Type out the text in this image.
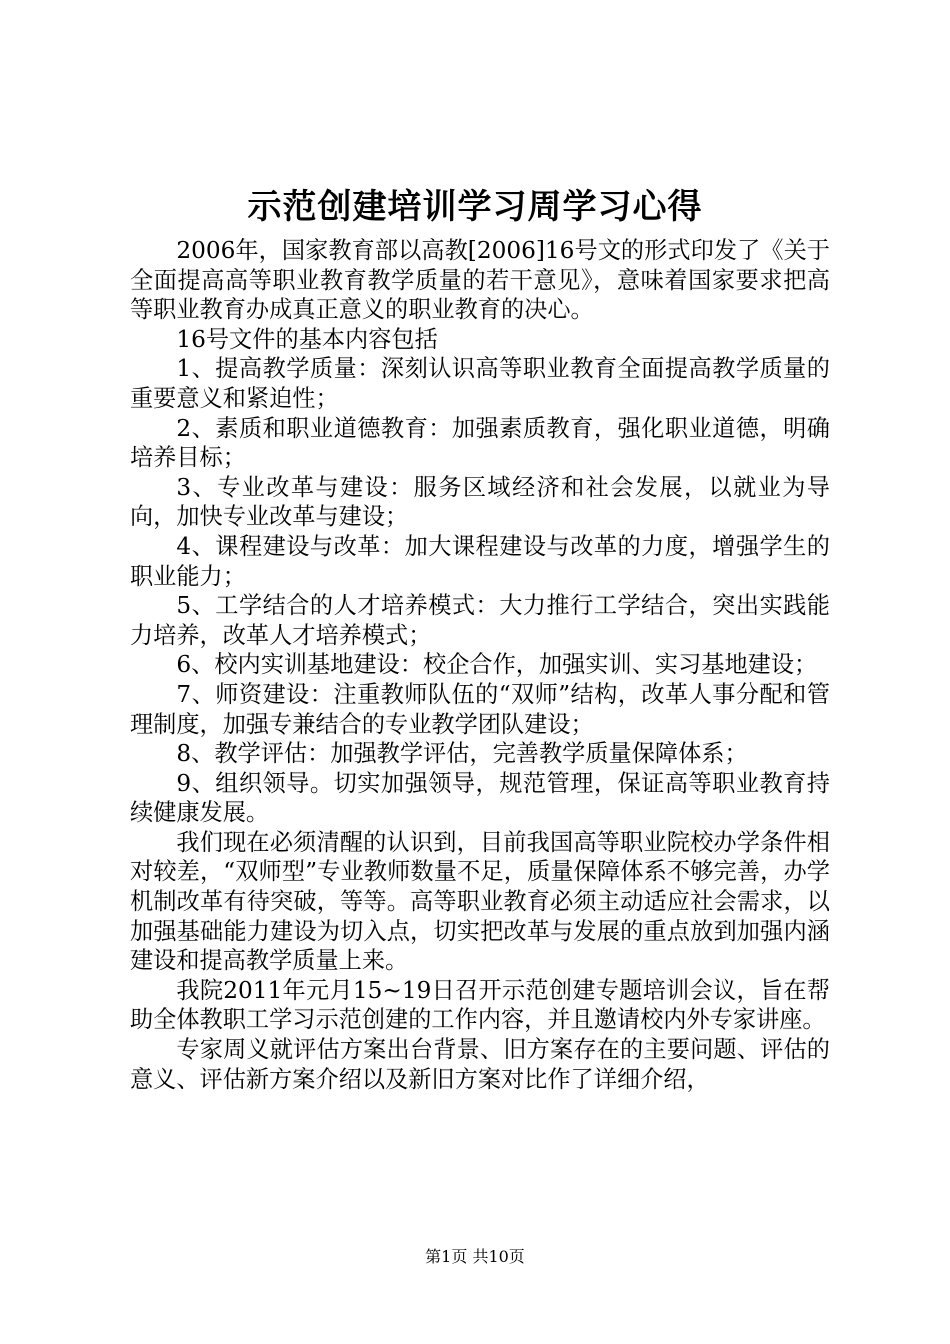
示范创建培训学习周学习心得

2006年，国家教育部以高教[2006]16号文的形式印发了《关于全面提高高等职业教育教学质量的若干意见》，意味着国家要求把高等职业教育办成真正意义的职业教育的决心。

16号文件的基本内容包括

1、提高教学质量：深刻认识高等职业教育全面提高教学质量的重要意义和紧迫性；

2、素质和职业道德教育：加强素质教育，强化职业道德，明确培养目标；

3、专业改革与建设：服务区域经济和社会发展，以就业为导向，加快专业改革与建设；

4、课程建设与改革：加大课程建设与改革的力度，增强学生的职业能力；

5、工学结合的人才培养模式：大力推行工学结合，突出实践能力培养，改革人才培养模式；

6、校内实训基地建设：校企合作，加强实训、实习基地建设；

7、师资建设：注重教师队伍的“双师”结构，改革人事分配和管理制度，加强专兼结合的专业教学团队建设；

8、教学评估：加强教学评估，完善教学质量保障体系；

9、组织领导。切实加强领导，规范管理，保证高等职业教育持续健康发展。

我们现在必须清醒的认识到，目前我国高等职业院校办学条件相对较差，“双师型”专业教师数量不足，质量保障体系不够完善，办学机制改革有待突破，等等。高等职业教育必须主动适应社会需求，以加强基础能力建设为切入点，切实把改革与发展的重点放到加强内涵建设和提高教学质量上来。

我院2011年元月15~19日召开示范创建专题培训会议，旨在帮助全体教职工学习示范创建的工作内容，并且邀请校内外专家讲座。

专家周义就评估方案出台背景、旧方案存在的主要问题、评估的意义、评估新方案介绍以及新旧方案对比作了详细介绍，

第1页 共10页
